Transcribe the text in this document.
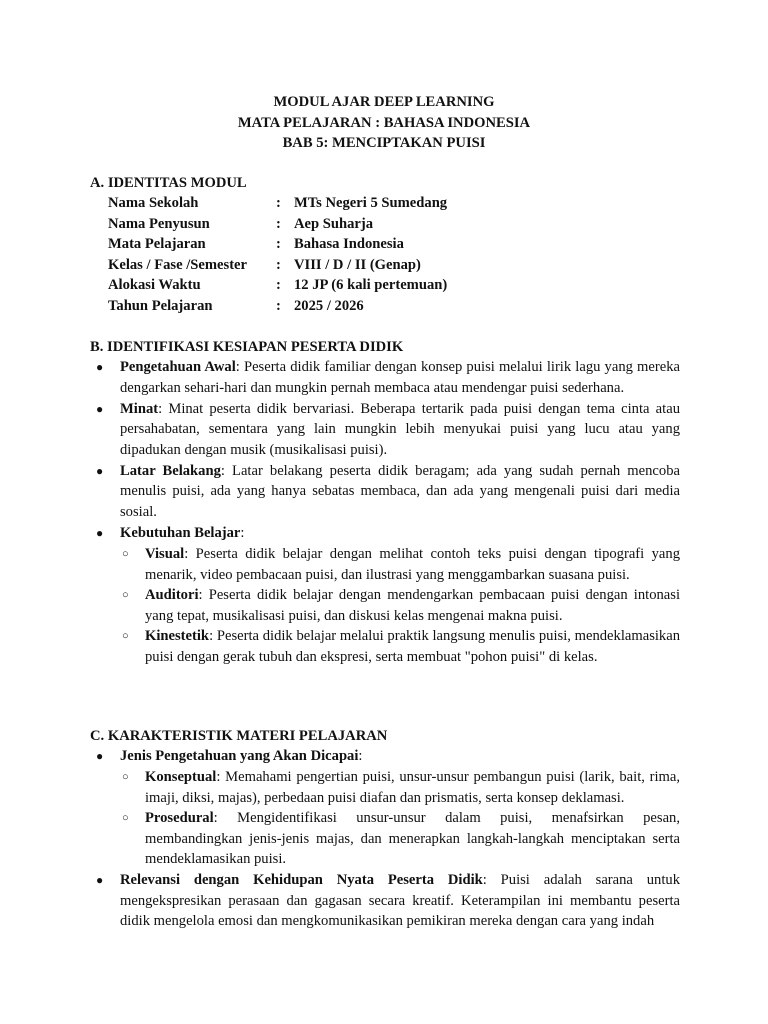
MODUL AJAR DEEP LEARNING
MATA PELAJARAN : BAHASA INDONESIA
BAB 5: MENCIPTAKAN PUISI
A. IDENTITAS MODUL
Nama Sekolah	: MTs Negeri 5 Sumedang
Nama Penyusun	: Aep Suharja
Mata Pelajaran	: Bahasa Indonesia
Kelas / Fase /Semester	: VIII / D / II (Genap)
Alokasi Waktu	: 12 JP (6 kali pertemuan)
Tahun Pelajaran	: 2025 / 2026
B. IDENTIFIKASI KESIAPAN PESERTA DIDIK
● Pengetahuan Awal: Peserta didik familiar dengan konsep puisi melalui lirik lagu yang mereka dengarkan sehari-hari dan mungkin pernah membaca atau mendengar puisi sederhana.
● Minat: Minat peserta didik bervariasi. Beberapa tertarik pada puisi dengan tema cinta atau persahabatan, sementara yang lain mungkin lebih menyukai puisi yang lucu atau yang dipadukan dengan musik (musikalisasi puisi).
● Latar Belakang: Latar belakang peserta didik beragam; ada yang sudah pernah mencoba menulis puisi, ada yang hanya sebatas membaca, dan ada yang mengenali puisi dari media sosial.
● Kebutuhan Belajar:
○ Visual: Peserta didik belajar dengan melihat contoh teks puisi dengan tipografi yang menarik, video pembacaan puisi, dan ilustrasi yang menggambarkan suasana puisi.
○ Auditori: Peserta didik belajar dengan mendengarkan pembacaan puisi dengan intonasi yang tepat, musikalisasi puisi, dan diskusi kelas mengenai makna puisi.
○ Kinestetik: Peserta didik belajar melalui praktik langsung menulis puisi, mendeklamasikan puisi dengan gerak tubuh dan ekspresi, serta membuat "pohon puisi" di kelas.
C. KARAKTERISTIK MATERI PELAJARAN
● Jenis Pengetahuan yang Akan Dicapai:
○ Konseptual: Memahami pengertian puisi, unsur-unsur pembangun puisi (larik, bait, rima, imaji, diksi, majas), perbedaan puisi diafan dan prismatis, serta konsep deklamasi.
○ Prosedural: Mengidentifikasi unsur-unsur dalam puisi, menafsirkan pesan, membandingkan jenis-jenis majas, dan menerapkan langkah-langkah menciptakan serta mendeklamasikan puisi.
● Relevansi dengan Kehidupan Nyata Peserta Didik: Puisi adalah sarana untuk mengekspresikan perasaan dan gagasan secara kreatif. Keterampilan ini membantu peserta didik mengelola emosi dan mengkomunikasikan pemikiran mereka dengan cara yang indah
